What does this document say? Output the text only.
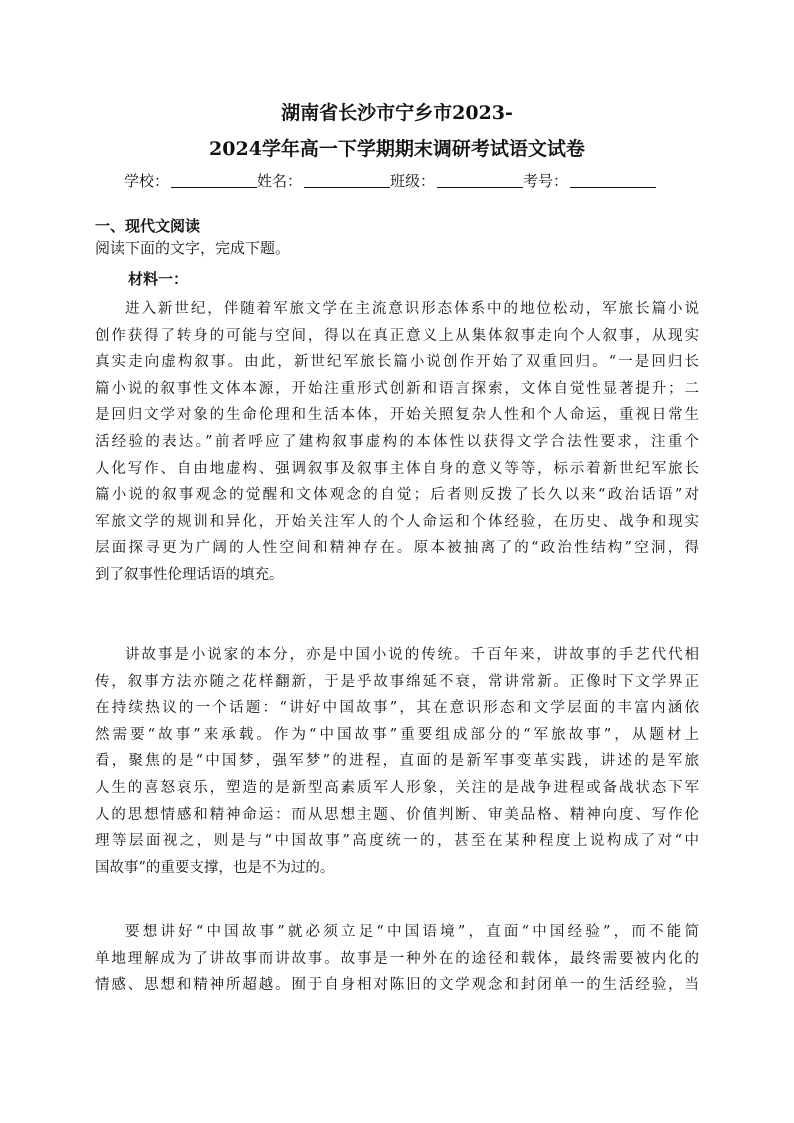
湖南省长沙市宁乡市2023-
2024学年高一下学期期末调研考试语文试卷
学校：	姓名：	班级：	考号：
一、现代文阅读
阅读下面的文字，完成下题。
材料一：
进入新世纪，伴随着军旅文学在主流意识形态体系中的地位松动，军旅长篇小说
创作获得了转身的可能与空间，得以在真正意义上从集体叙事走向个人叙事，从现实
真实走向虚构叙事。由此，新世纪军旅长篇小说创作开始了双重回归。“一是回归长
篇小说的叙事性文体本源，开始注重形式创新和语言探索，文体自觉性显著提升；二
是回归文学对象的生命伦理和生活本体，开始关照复杂人性和个人命运，重视日常生
活经验的表达。”前者呼应了建构叙事虚构的本体性以获得文学合法性要求，注重个
人化写作、自由地虚构、强调叙事及叙事主体自身的意义等等，标示着新世纪军旅长
篇小说的叙事观念的觉醒和文体观念的自觉；后者则反拨了长久以来“政治话语”对
军旅文学的规训和异化，开始关注军人的个人命运和个体经验，在历史、战争和现实
层面探寻更为广阔的人性空间和精神存在。原本被抽离了的“政治性结构”空洞，得
到了叙事性伦理话语的填充。
讲故事是小说家的本分，亦是中国小说的传统。千百年来，讲故事的手艺代代相
传，叙事方法亦随之花样翻新，于是乎故事绵延不衰，常讲常新。正像时下文学界正
在持续热议的一个话题：“讲好中国故事”，其在意识形态和文学层面的丰富内涵依
然需要“故事”来承载。作为“中国故事”重要组成部分的“军旅故事”，从题材上
看，聚焦的是“中国梦，强军梦”的进程，直面的是新军事变革实践，讲述的是军旅
人生的喜怒哀乐，塑造的是新型高素质军人形象，关注的是战争进程或备战状态下军
人的思想情感和精神命运：而从思想主题、价值判断、审美品格、精神向度、写作伦
理等层面视之，则是与“中国故事”高度统一的，甚至在某种程度上说构成了对“中
国故事”的重要支撑，也是不为过的。
要想讲好“中国故事”就必须立足“中国语境”，直面“中国经验”，而不能简
单地理解成为了讲故事而讲故事。故事是一种外在的途径和载体，最终需要被内化的
情感、思想和精神所超越。囿于自身相对陈旧的文学观念和封闭单一的生活经验，当
